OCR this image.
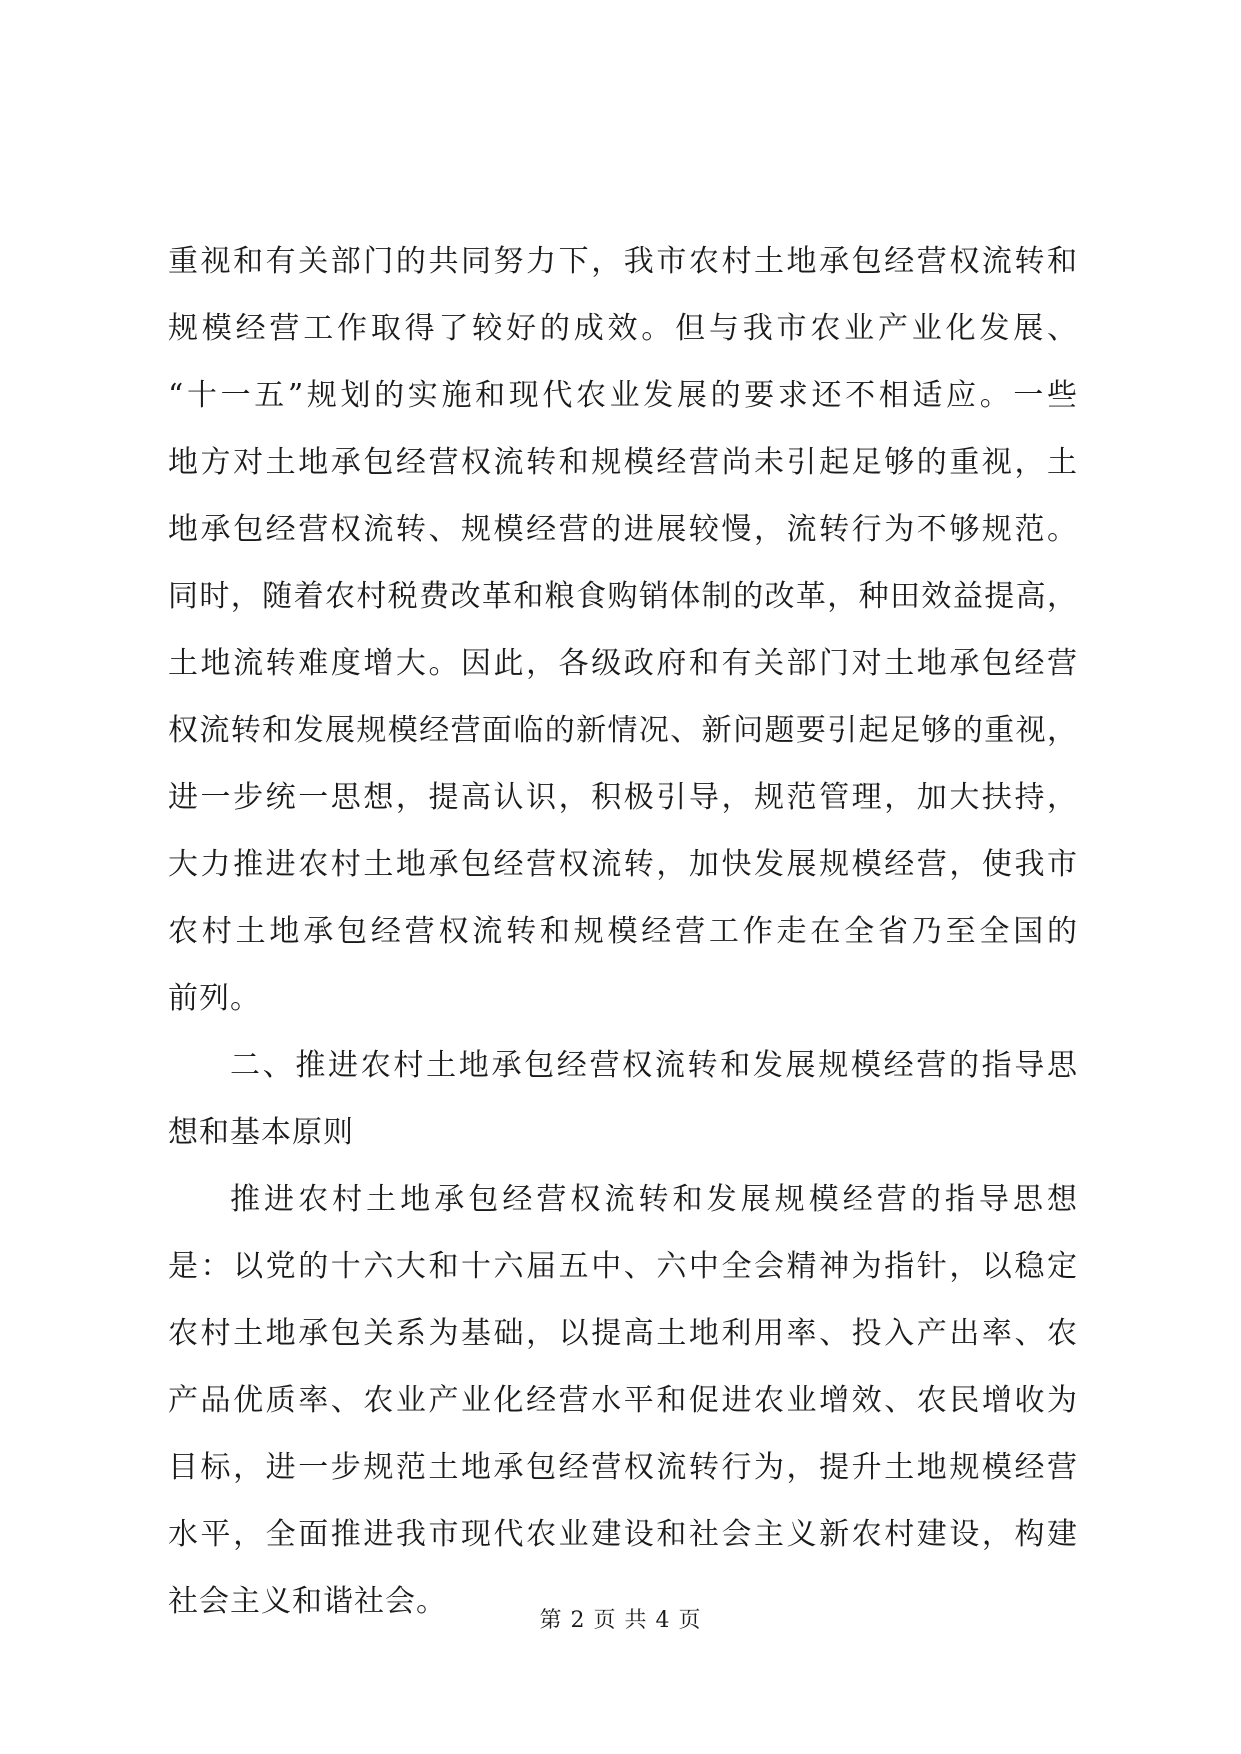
重视和有关部门的共同努力下，我市农村土地承包经营权流转和
规模经营工作取得了较好的成效。但与我市农业产业化发展、
“十一五”规划的实施和现代农业发展的要求还不相适应。一些
地方对土地承包经营权流转和规模经营尚未引起足够的重视，土
地承包经营权流转、规模经营的进展较慢，流转行为不够规范。
同时，随着农村税费改革和粮食购销体制的改革，种田效益提高，
土地流转难度增大。因此，各级政府和有关部门对土地承包经营
权流转和发展规模经营面临的新情况、新问题要引起足够的重视，
进一步统一思想，提高认识，积极引导，规范管理，加大扶持，
大力推进农村土地承包经营权流转，加快发展规模经营，使我市
农村土地承包经营权流转和规模经营工作走在全省乃至全国的
前列。
二、推进农村土地承包经营权流转和发展规模经营的指导思
想和基本原则
推进农村土地承包经营权流转和发展规模经营的指导思想
是：以党的十六大和十六届五中、六中全会精神为指针，以稳定
农村土地承包关系为基础，以提高土地利用率、投入产出率、农
产品优质率、农业产业化经营水平和促进农业增效、农民增收为
目标，进一步规范土地承包经营权流转行为，提升土地规模经营
水平，全面推进我市现代农业建设和社会主义新农村建设，构建
社会主义和谐社会。
第 2 页 共 4 页
